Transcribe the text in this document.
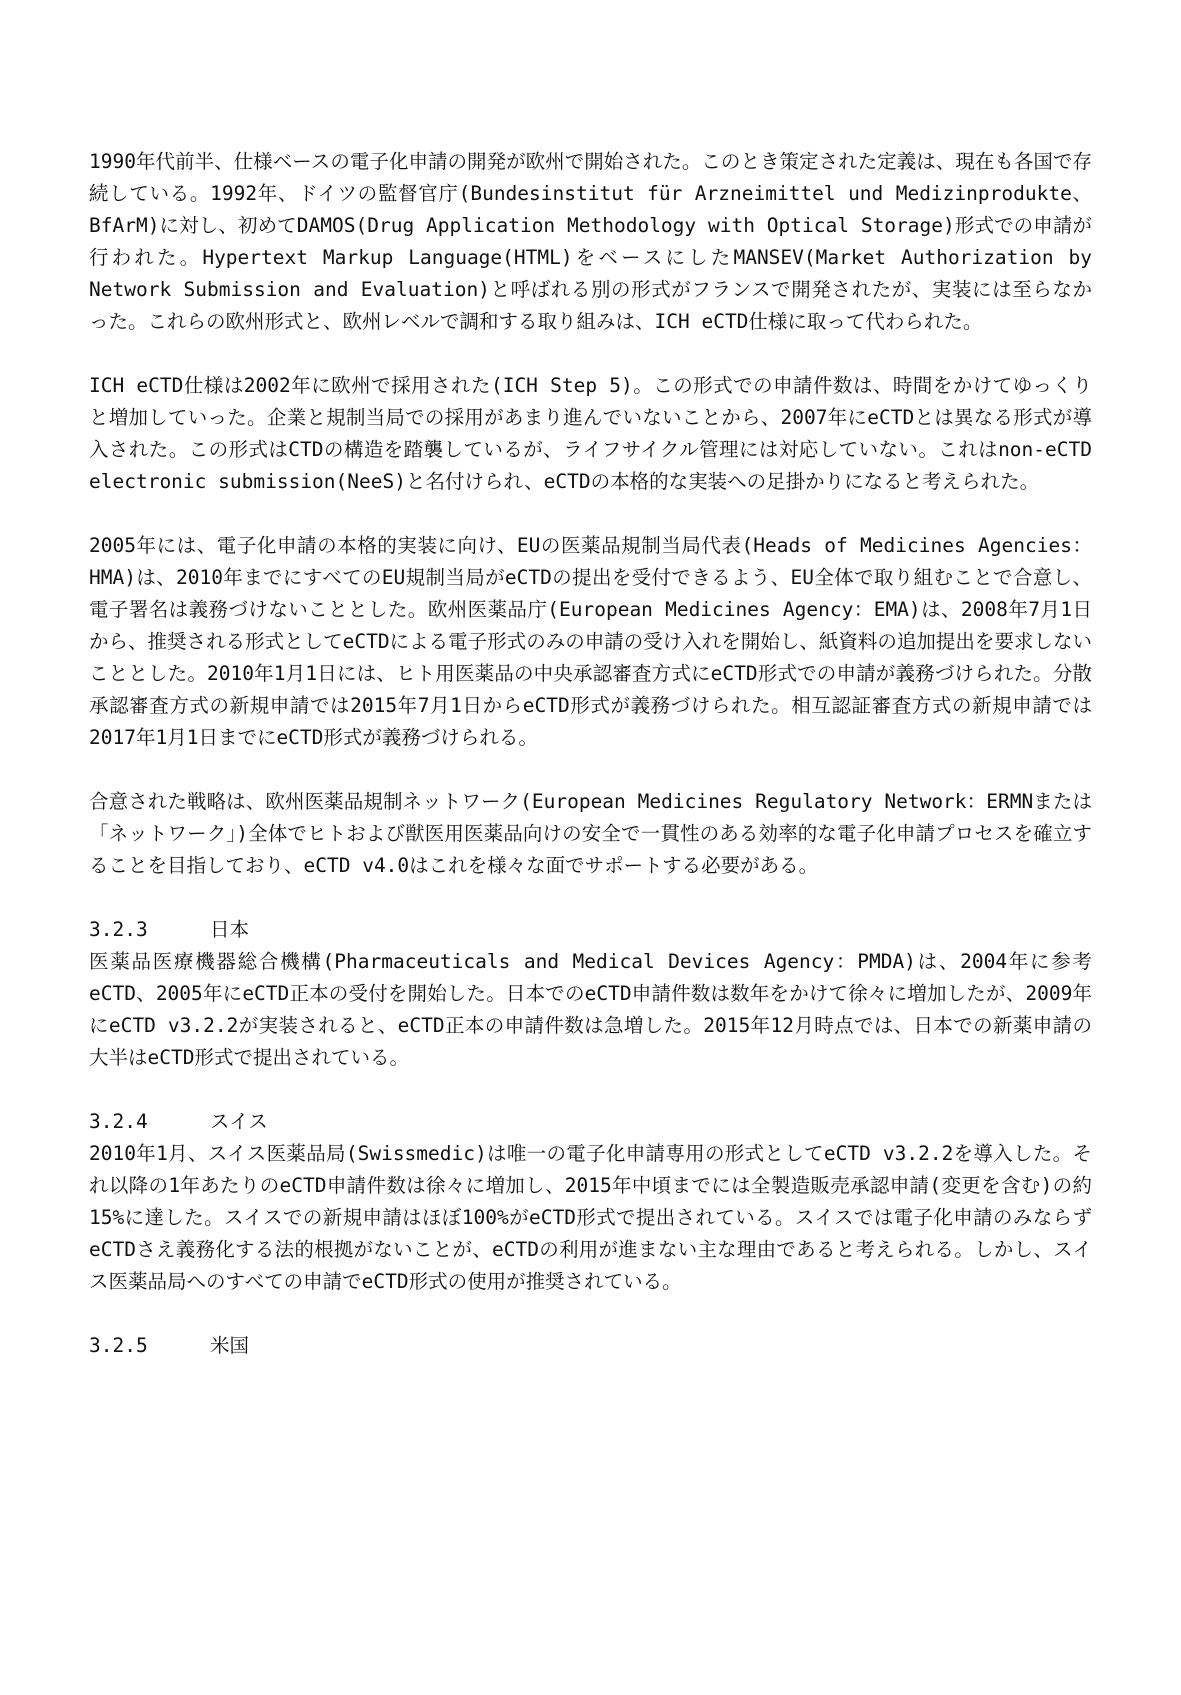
1990年代前半、仕様ベースの電子化申請の開発が欧州で開始された。このとき策定された定義は、現在も各国で存続している。1992年、ドイツの監督官庁(Bundesinstitut für Arzneimittel und Medizinprodukte、BfArM)に対し、初めてDAMOS(Drug Application Methodology with Optical Storage)形式での申請が行われた。Hypertext Markup Language(HTML)をベースにしたMANSEV(Market Authorization by Network Submission and Evaluation)と呼ばれる別の形式がフランスで開発されたが、実装には至らなかった。これらの欧州形式と、欧州レベルで調和する取り組みは、ICH eCTD仕様に取って代わられた。

ICH eCTD仕様は2002年に欧州で採用された(ICH Step 5)。この形式での申請件数は、時間をかけてゆっくりと増加していった。企業と規制当局での採用があまり進んでいないことから、2007年にeCTDとは異なる形式が導入された。この形式はCTDの構造を踏襲しているが、ライフサイクル管理には対応していない。これはnon-eCTD electronic submission(NeeS)と名付けられ、eCTDの本格的な実装への足掛かりになると考えられた。

2005年には、電子化申請の本格的実装に向け、EUの医薬品規制当局代表(Heads of Medicines Agencies：HMA)は、2010年までにすべてのEU規制当局がeCTDの提出を受付できるよう、EU全体で取り組むことで合意し、電子署名は義務づけないこととした。欧州医薬品庁(European Medicines Agency：EMA)は、2008年7月1日から、推奨される形式としてeCTDによる電子形式のみの申請の受け入れを開始し、紙資料の追加提出を要求しないこととした。2010年1月1日には、ヒト用医薬品の中央承認審査方式にeCTD形式での申請が義務づけられた。分散承認審査方式の新規申請では2015年7月1日からeCTD形式が義務づけられた。相互認証審査方式の新規申請では2017年1月1日までにeCTD形式が義務づけられる。

合意された戦略は、欧州医薬品規制ネットワーク(European Medicines Regulatory Network：ERMNまたは「ネットワーク」)全体でヒトおよび獣医用医薬品向けの安全で一貫性のある効率的な電子化申請プロセスを確立することを目指しており、eCTD v4.0はこれを様々な面でサポートする必要がある。

3.2.3	日本

医薬品医療機器総合機構(Pharmaceuticals and Medical Devices Agency：PMDA)は、2004年に参考eCTD、2005年にeCTD正本の受付を開始した。日本でのeCTD申請件数は数年をかけて徐々に増加したが、2009年にeCTD v3.2.2が実装されると、eCTD正本の申請件数は急増した。2015年12月時点では、日本での新薬申請の大半はeCTD形式で提出されている。

3.2.4	スイス

2010年1月、スイス医薬品局(Swissmedic)は唯一の電子化申請専用の形式としてeCTD v3.2.2を導入した。それ以降の1年あたりのeCTD申請件数は徐々に増加し、2015年中頃までには全製造販売承認申請(変更を含む)の約15%に達した。スイスでの新規申請はほぼ100%がeCTD形式で提出されている。スイスでは電子化申請のみならずeCTDさえ義務化する法的根拠がないことが、eCTDの利用が進まない主な理由であると考えられる。しかし、スイス医薬品局へのすべての申請でeCTD形式の使用が推奨されている。

3.2.5	米国
